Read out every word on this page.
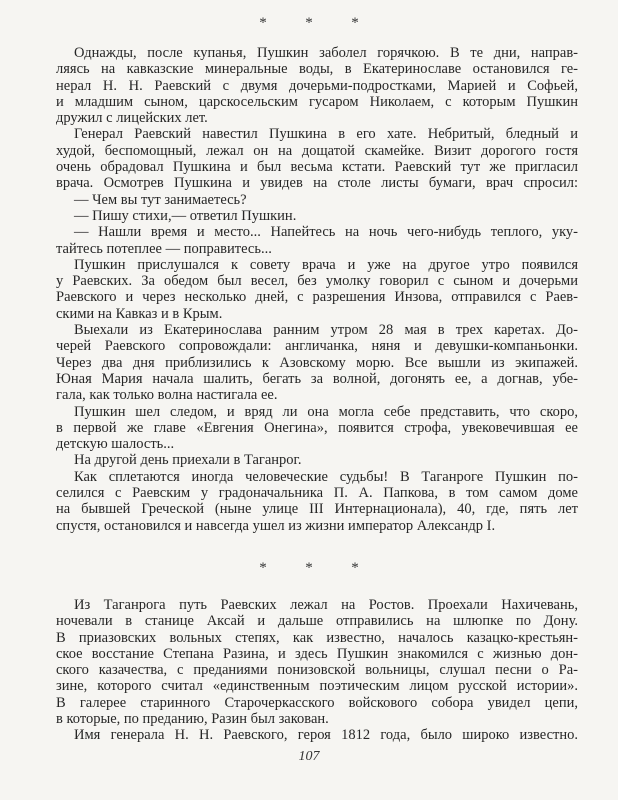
*	*	*
Однажды, после купанья, Пушкин заболел горячкою. В те дни, направ-
ляясь на кавказские минеральные воды, в Екатеринославе остановился ге-
нерал Н. Н. Раевский с двумя дочерьми-подростками, Марией и Софьей,
и младшим сыном, царскосельским гусаром Николаем, с которым Пушкин
дружил с лицейских лет.
Генерал Раевский навестил Пушкина в его хате. Небритый, бледный и
худой, беспомощный, лежал он на дощатой скамейке. Визит дорогого гостя
очень обрадовал Пушкина и был весьма кстати. Раевский тут же пригласил
врача. Осмотрев Пушкина и увидев на столе листы бумаги, врач спросил:
— Чем вы тут занимаетесь?
— Пишу стихи,— ответил Пушкин.
— Нашли время и место... Напейтесь на ночь чего-нибудь теплого, уку-
тайтесь потеплее — поправитесь...
Пушкин прислушался к совету врача и уже на другое утро появился
у Раевских. За обедом был весел, без умолку говорил с сыном и дочерьми
Раевского и через несколько дней, с разрешения Инзова, отправился с Раев-
скими на Кавказ и в Крым.
Выехали из Екатеринослава ранним утром 28 мая в трех каретах. До-
черей Раевского сопровождали: англичанка, няня и девушки-компаньонки.
Через два дня приблизились к Азовскому морю. Все вышли из экипажей.
Юная Мария начала шалить, бегать за волной, догонять ее, а догнав, убе-
гала, как только волна настигала ее.
Пушкин шел следом, и вряд ли она могла себе представить, что скоро,
в первой же главе «Евгения Онегина», появится строфа, увековечившая ее
детскую шалость...
На другой день приехали в Таганрог.
Как сплетаются иногда человеческие судьбы! В Таганроге Пушкин по-
селился с Раевским у градоначальника П. А. Папкова, в том самом доме
на бывшей Греческой (ныне улице III Интернационала), 40, где, пять лет
спустя, остановился и навсегда ушел из жизни император Александр I.
*	*	*
Из Таганрога путь Раевских лежал на Ростов. Проехали Нахичевань,
ночевали в станице Аксай и дальше отправились на шлюпке по Дону.
В приазовских вольных степях, как известно, началось казацко-крестьян-
ское восстание Степана Разина, и здесь Пушкин знакомился с жизнью дон-
ского казачества, с преданиями понизовской вольницы, слушал песни о Ра-
зине, которого считал «единственным поэтическим лицом русской истории».
В галерее старинного Старочеркасского войскового собора увидел цепи,
в которые, по преданию, Разин был закован.
Имя генерала Н. Н. Раевского, героя 1812 года, было широко известно.
107
